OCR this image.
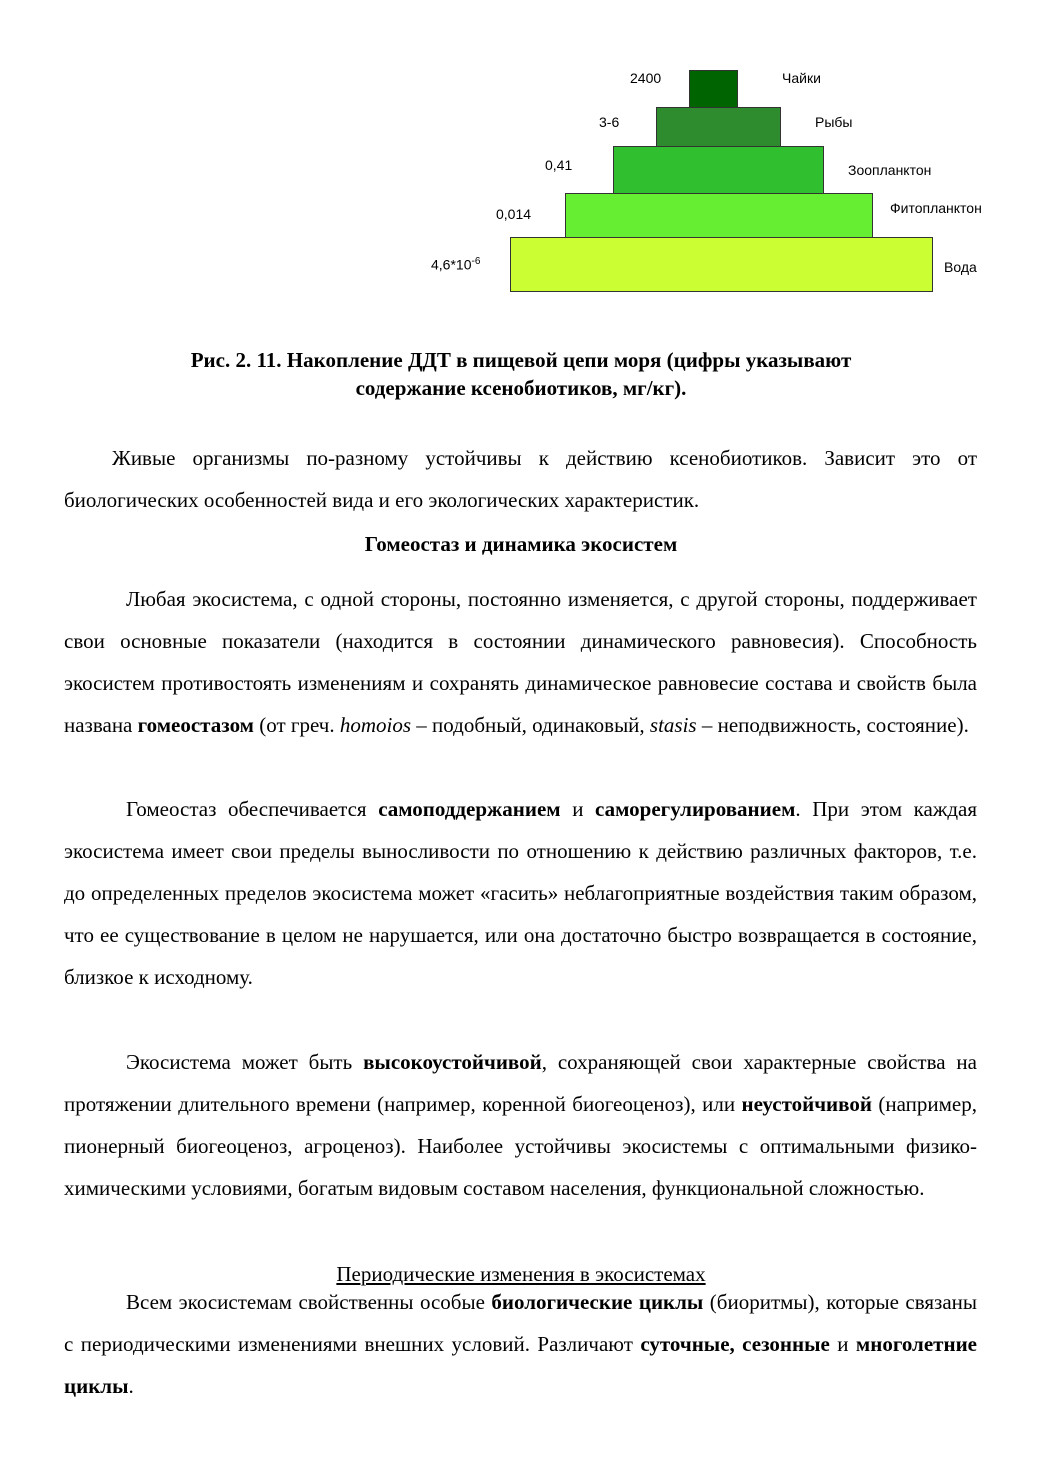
2400	Чайки
3-6	Рыбы
0,41	Зоопланктон
0,014	Фитопланктон
$4,6*10^{-6}$	Вода
Рис. 2. 11. Накопление ДДТ в пищевой цепи моря (цифры указывают
содержание ксенобиотиков, мг/кг).

Живые организмы по-разному устойчивы к действию ксенобиотиков. Зависит это от биологических особенностей вида и его экологических характеристик.

Гомеостаз и динамика экосистем

Любая экосистема, с одной стороны, постоянно изменяется, с другой стороны, поддерживает свои основные показатели (находится в состоянии динамического равновесия). Способность экосистем противостоять изменениям и сохранять динамическое равновесие состава и свойств была названа гомеостазом (от греч. homoios – подобный, одинаковый, stasis – неподвижность, состояние).

Гомеостаз обеспечивается самоподдержанием и саморегулированием. При этом каждая экосистема имеет свои пределы выносливости по отношению к действию различных факторов, т.е. до определенных пределов экосистема может «гасить» неблагоприятные воздействия таким образом, что ее существование в целом не нарушается, или она достаточно быстро возвращается в состояние, близкое к исходному.

Экосистема может быть высокоустойчивой, сохраняющей свои характерные свойства на протяжении длительного времени (например, коренной биогеоценоз), или неустойчивой (например, пионерный биогеоценоз, агроценоз). Наиболее устойчивы экосистемы с оптимальными физико-химическими условиями, богатым видовым составом населения, функциональной сложностью.

Периодические изменения в экосистемах

Всем экосистемам свойственны особые биологические циклы (биоритмы), которые связаны с периодическими изменениями внешних условий. Различают суточные, сезонные и многолетние циклы.
